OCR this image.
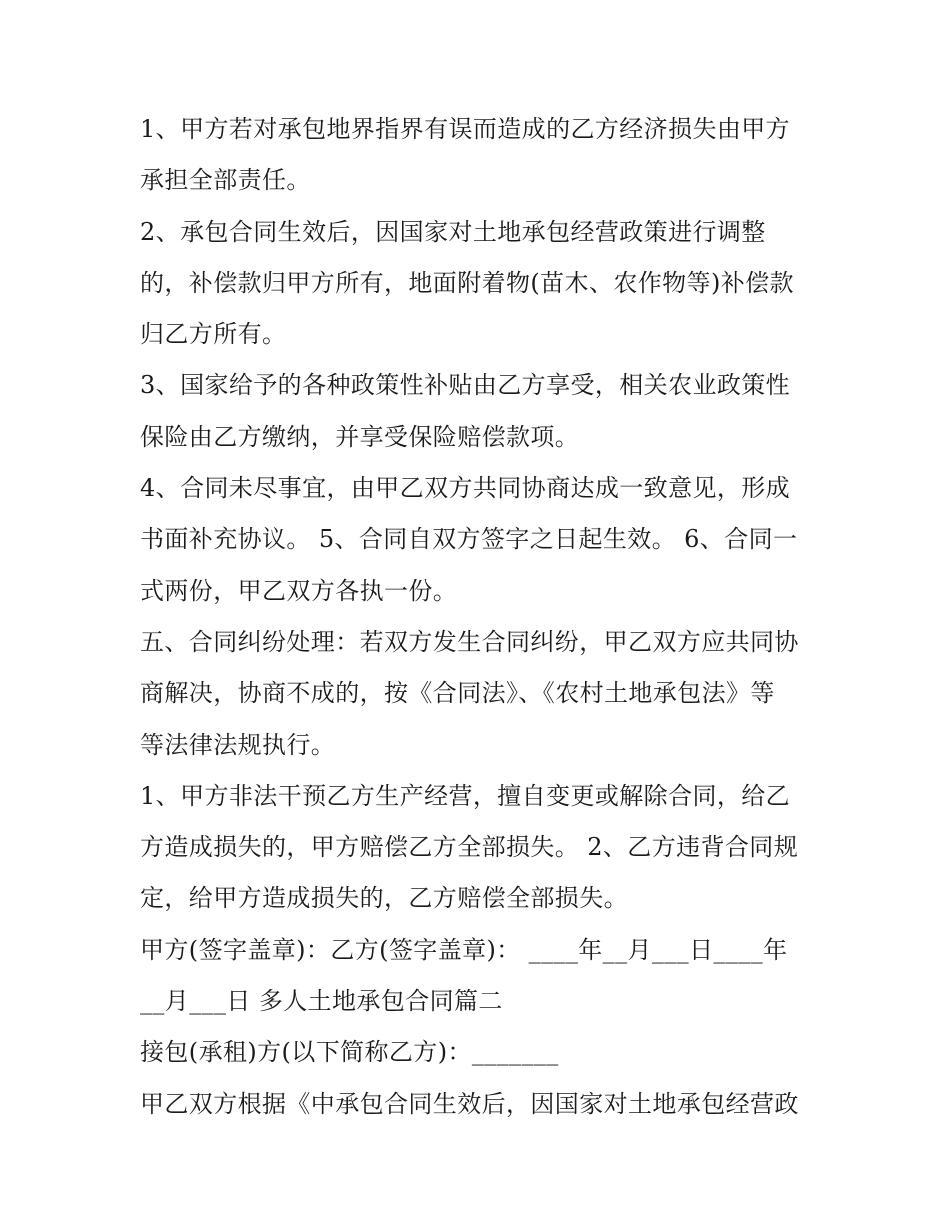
1、甲方若对承包地界指界有误而造成的乙方经济损失由甲方
承担全部责任。
2、承包合同生效后，因国家对土地承包经营政策进行调整
的，补偿款归甲方所有，地面附着物(苗木、农作物等)补偿款
归乙方所有。
3、国家给予的各种政策性补贴由乙方享受，相关农业政策性
保险由乙方缴纳，并享受保险赔偿款项。
4、合同未尽事宜，由甲乙双方共同协商达成一致意见，形成
书面补充协议。 5、合同自双方签字之日起生效。 6、合同一
式两份，甲乙双方各执一份。
五、合同纠纷处理：若双方发生合同纠纷，甲乙双方应共同协
商解决，协商不成的，按《合同法》、《农村土地承包法》等
等法律法规执行。
1、甲方非法干预乙方生产经营，擅自变更或解除合同，给乙
方造成损失的，甲方赔偿乙方全部损失。 2、乙方违背合同规
定，给甲方造成损失的，乙方赔偿全部损失。
甲方(签字盖章)：乙方(签字盖章)： ____年__月___日____年
__月___日 多人土地承包合同篇二
接包(承租)方(以下简称乙方)：_______
甲乙双方根据《中承包合同生效后，因国家对土地承包经营政
